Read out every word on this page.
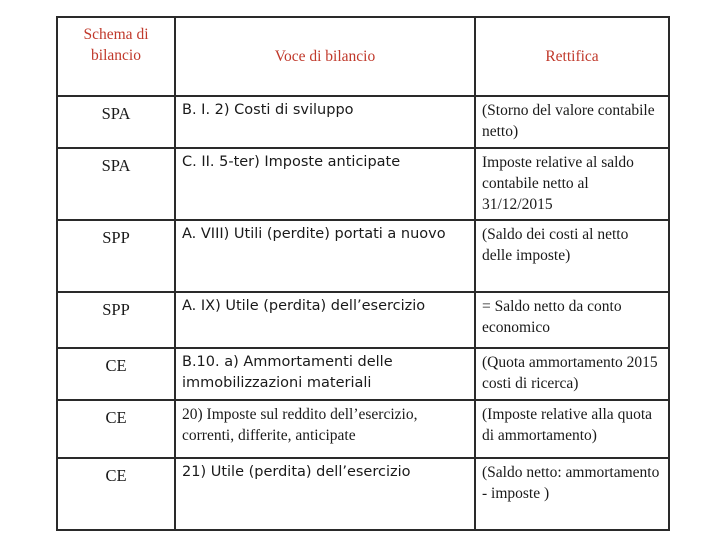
Schema di bilancio	Voce di bilancio	Rettifica
SPA	B. I. 2) Costi di sviluppo	(Storno del valore contabile netto)
SPA	C. II. 5-ter) Imposte anticipate	Imposte relative al saldo contabile netto al 31/12/2015
SPP	A. VIII) Utili (perdite) portati a nuovo	(Saldo dei costi al netto delle imposte)
SPP	A. IX) Utile (perdita) dell’esercizio	= Saldo netto da conto economico
CE	B.10. a) Ammortamenti delle immobilizzazioni materiali	(Quota ammortamento 2015 costi di ricerca)
CE	20) Imposte sul reddito dell’esercizio, correnti, differite, anticipate	(Imposte relative alla quota di ammortamento)
CE	21) Utile (perdita) dell’esercizio	(Saldo netto: ammortamento - imposte )
